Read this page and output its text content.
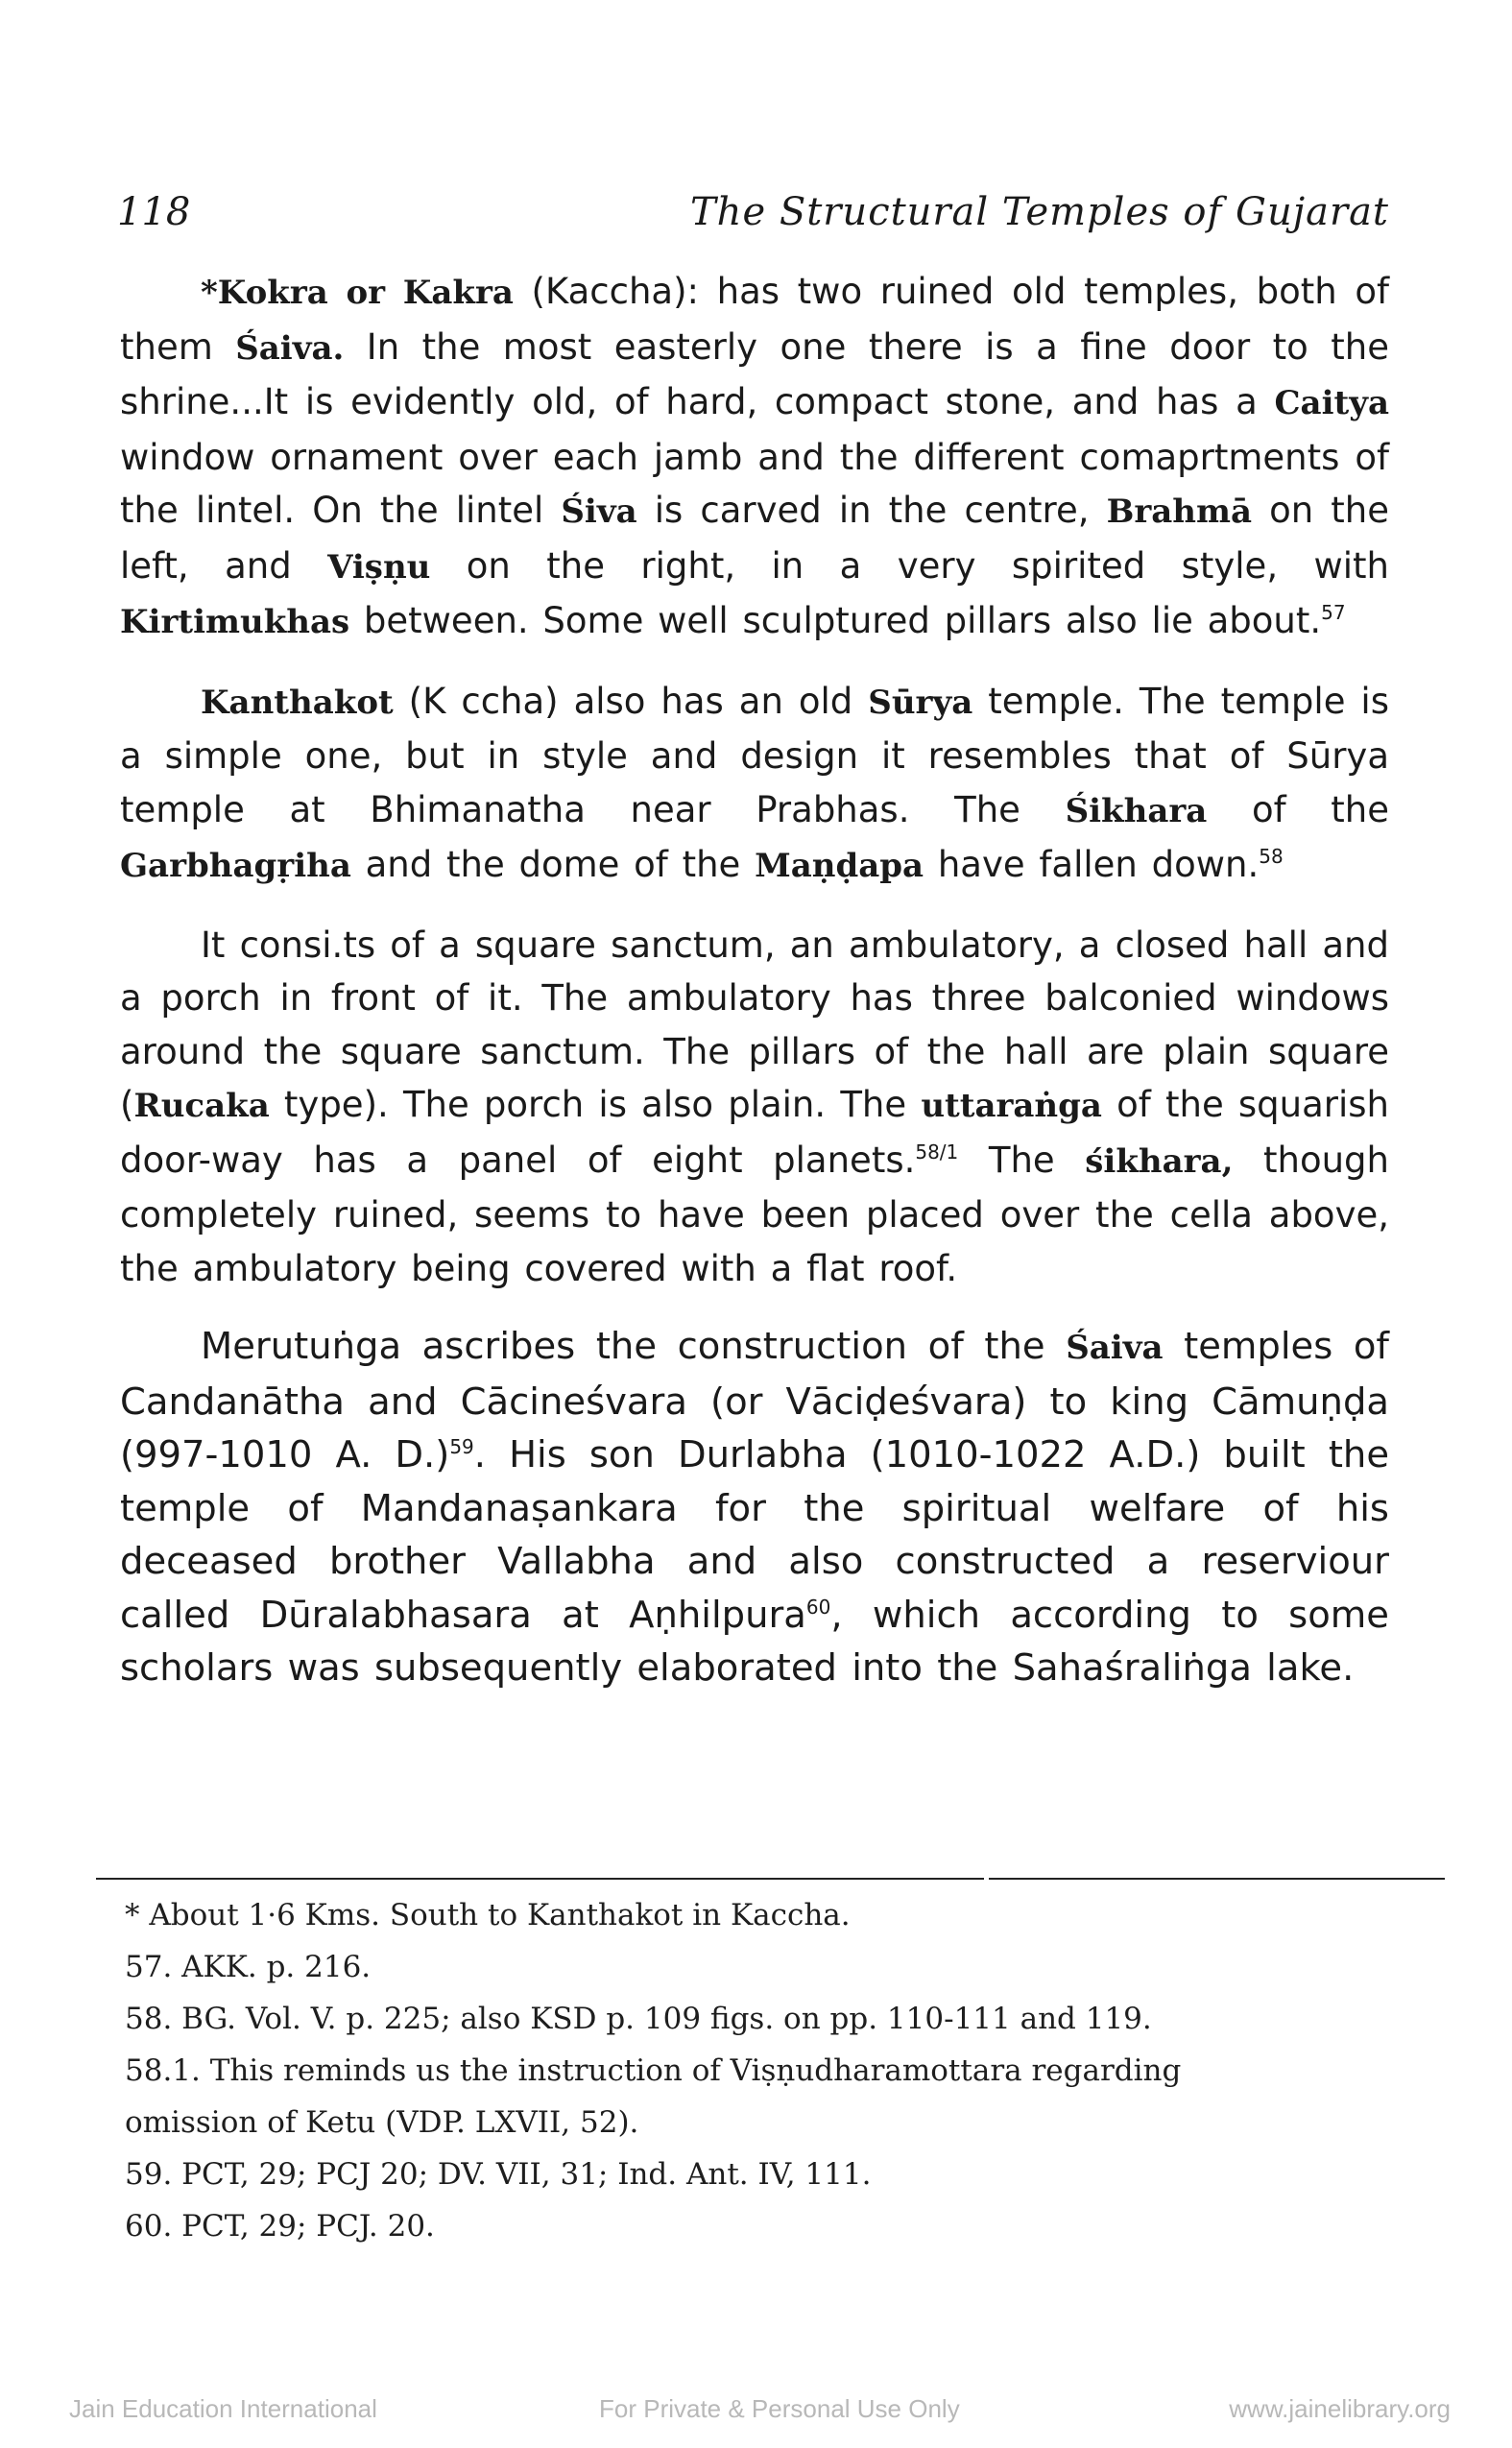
118	The Structural Temples of Gujarat

*Kokra or Kakra (Kaccha): has two ruined old temples, both of them Śaiva. In the most easterly one there is a fine door to the shrine...It is evidently old, of hard, compact stone, and has a Caitya window ornament over each jamb and the different comaprtments of the lintel. On the lintel Śiva is carved in the centre, Brahmā on the left, and Viṣṇu on the right, in a very spirited style, with Kirtimukhas between. Some well sculptured pillars also lie about.$^{57}$

Kanthakot (K ccha) also has an old Sūrya temple. The temple is a simple one, but in style and design it resembles that of Sūrya temple at Bhimanatha near Prabhas. The Śikhara of the Garbhagṛiha and the dome of the Maṇḍapa have fallen down.$^{58}$

It consi.ts of a square sanctum, an ambulatory, a closed hall and a porch in front of it. The ambulatory has three balconied windows around the square sanctum. The pillars of the hall are plain square (Rucaka type). The porch is also plain. The uttaraṅga of the squarish door-way has a panel of eight planets.$^{58/1}$ The śikhara, though completely ruined, seems to have been placed over the cella above, the ambulatory being covered with a flat roof.

Merutuṅga ascribes the construction of the Śaiva temples of Candanātha and Cācineśvara (or Vāciḍeśvara) to king Cāmuṇḍa (997-1010 A. D.)$^{59}$. His son Durlabha (1010-1022 A.D.) built the temple of Mandanaṣankara for the spiritual welfare of his deceased brother Vallabha and also constructed a reserviour called Dūralabhasara at Aṇhilpura$^{60}$, which according to some scholars was subsequently elaborated into the Sahaśraliṅga lake.

* About 1·6 Kms. South to Kanthakot in Kaccha.
57. AKK. p. 216.
58. BG. Vol. V. p. 225; also KSD p. 109 figs. on pp. 110-111 and 119.
58.1. This reminds us the instruction of Viṣṇudharamottara regarding
omission of Ketu (VDP. LXVII, 52).
59. PCT, 29; PCJ 20; DV. VII, 31; Ind. Ant. IV, 111.
60. PCT, 29; PCJ. 20.
Jain Education International	For Private & Personal Use Only	www.jainelibrary.org
